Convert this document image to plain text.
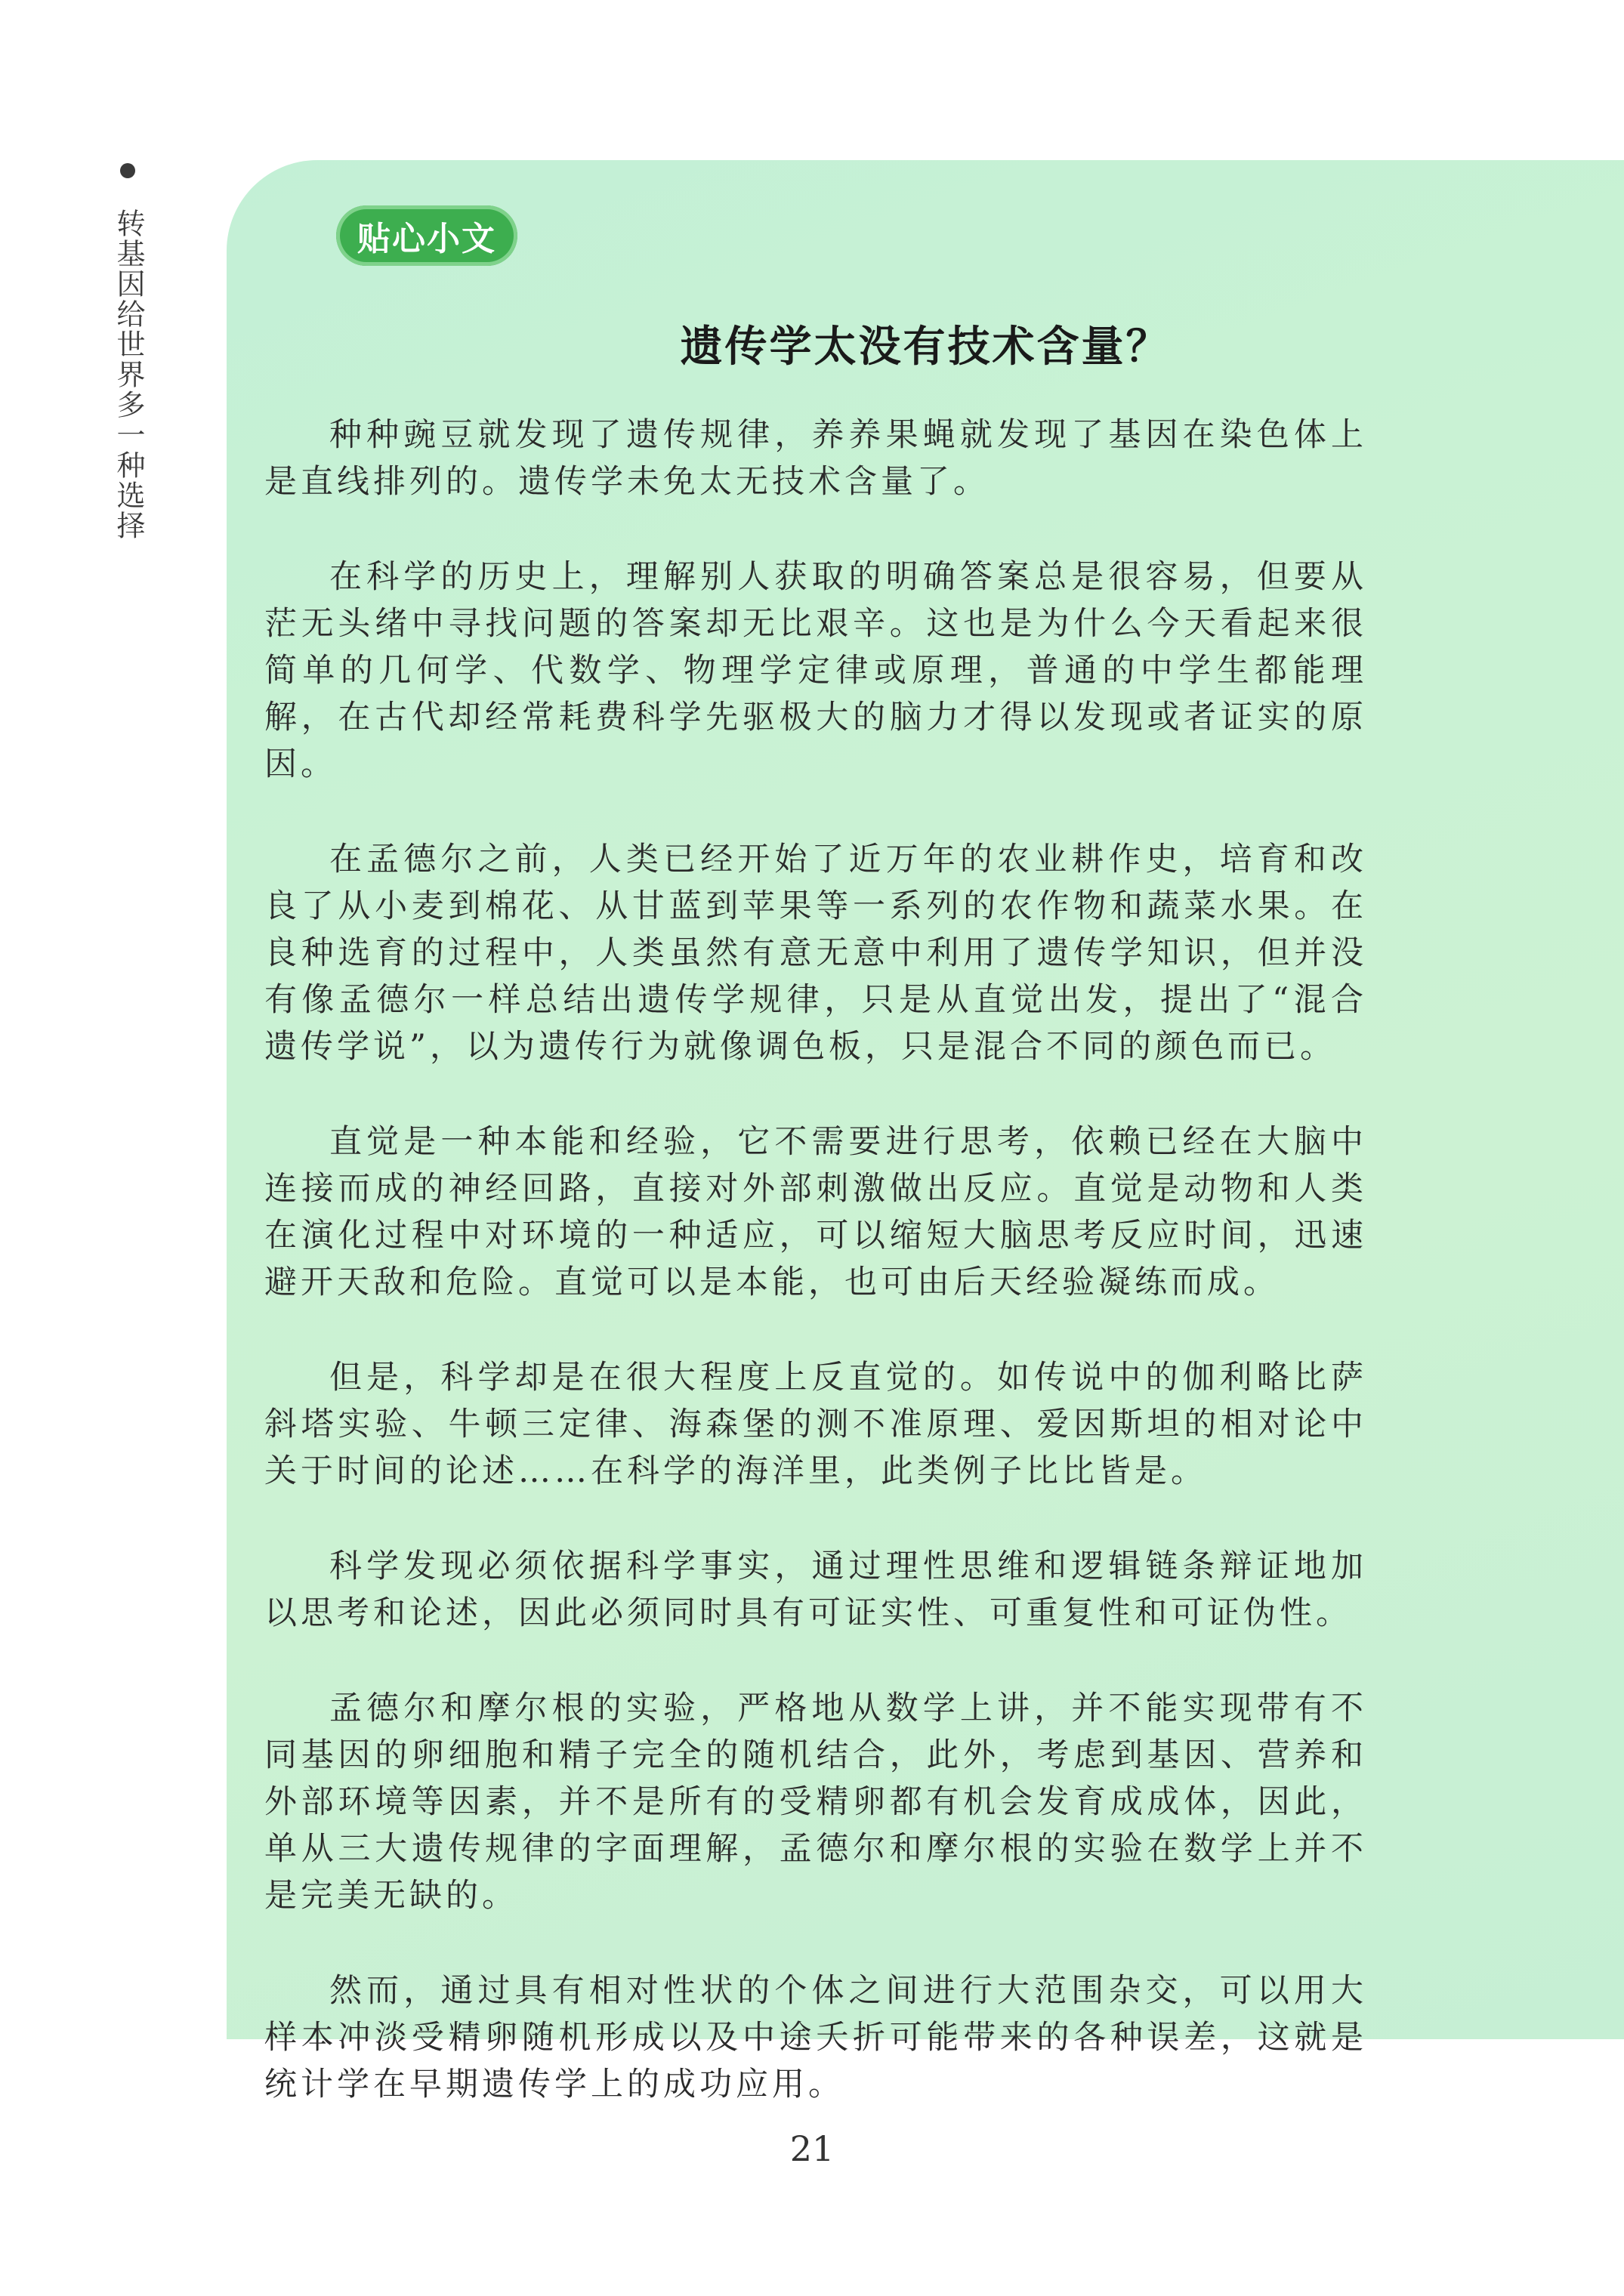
转基因给世界多一种选择	贴心小文
遗传学太没有技术含量？

种种豌豆就发现了遗传规律，养养果蝇就发现了基因在染色体上是直线排列的。遗传学未免太无技术含量了。

在科学的历史上，理解别人获取的明确答案总是很容易，但要从茫无头绪中寻找问题的答案却无比艰辛。这也是为什么今天看起来很简单的几何学、代数学、物理学定律或原理，普通的中学生都能理解，在古代却经常耗费科学先驱极大的脑力才得以发现或者证实的原因。

在孟德尔之前，人类已经开始了近万年的农业耕作史，培育和改良了从小麦到棉花、从甘蓝到苹果等一系列的农作物和蔬菜水果。在良种选育的过程中，人类虽然有意无意中利用了遗传学知识，但并没有像孟德尔一样总结出遗传学规律，只是从直觉出发，提出了“混合遗传学说”，以为遗传行为就像调色板，只是混合不同的颜色而已。

直觉是一种本能和经验，它不需要进行思考，依赖已经在大脑中连接而成的神经回路，直接对外部刺激做出反应。直觉是动物和人类在演化过程中对环境的一种适应，可以缩短大脑思考反应时间，迅速避开天敌和危险。直觉可以是本能，也可由后天经验凝练而成。

但是，科学却是在很大程度上反直觉的。如传说中的伽利略比萨斜塔实验、牛顿三定律、海森堡的测不准原理、爱因斯坦的相对论中关于时间的论述……在科学的海洋里，此类例子比比皆是。

科学发现必须依据科学事实，通过理性思维和逻辑链条辩证地加以思考和论述，因此必须同时具有可证实性、可重复性和可证伪性。

孟德尔和摩尔根的实验，严格地从数学上讲，并不能实现带有不同基因的卵细胞和精子完全的随机结合，此外，考虑到基因、营养和外部环境等因素，并不是所有的受精卵都有机会发育成成体，因此，单从三大遗传规律的字面理解，孟德尔和摩尔根的实验在数学上并不是完美无缺的。

然而，通过具有相对性状的个体之间进行大范围杂交，可以用大样本冲淡受精卵随机形成以及中途夭折可能带来的各种误差，这就是统计学在早期遗传学上的成功应用。

21
